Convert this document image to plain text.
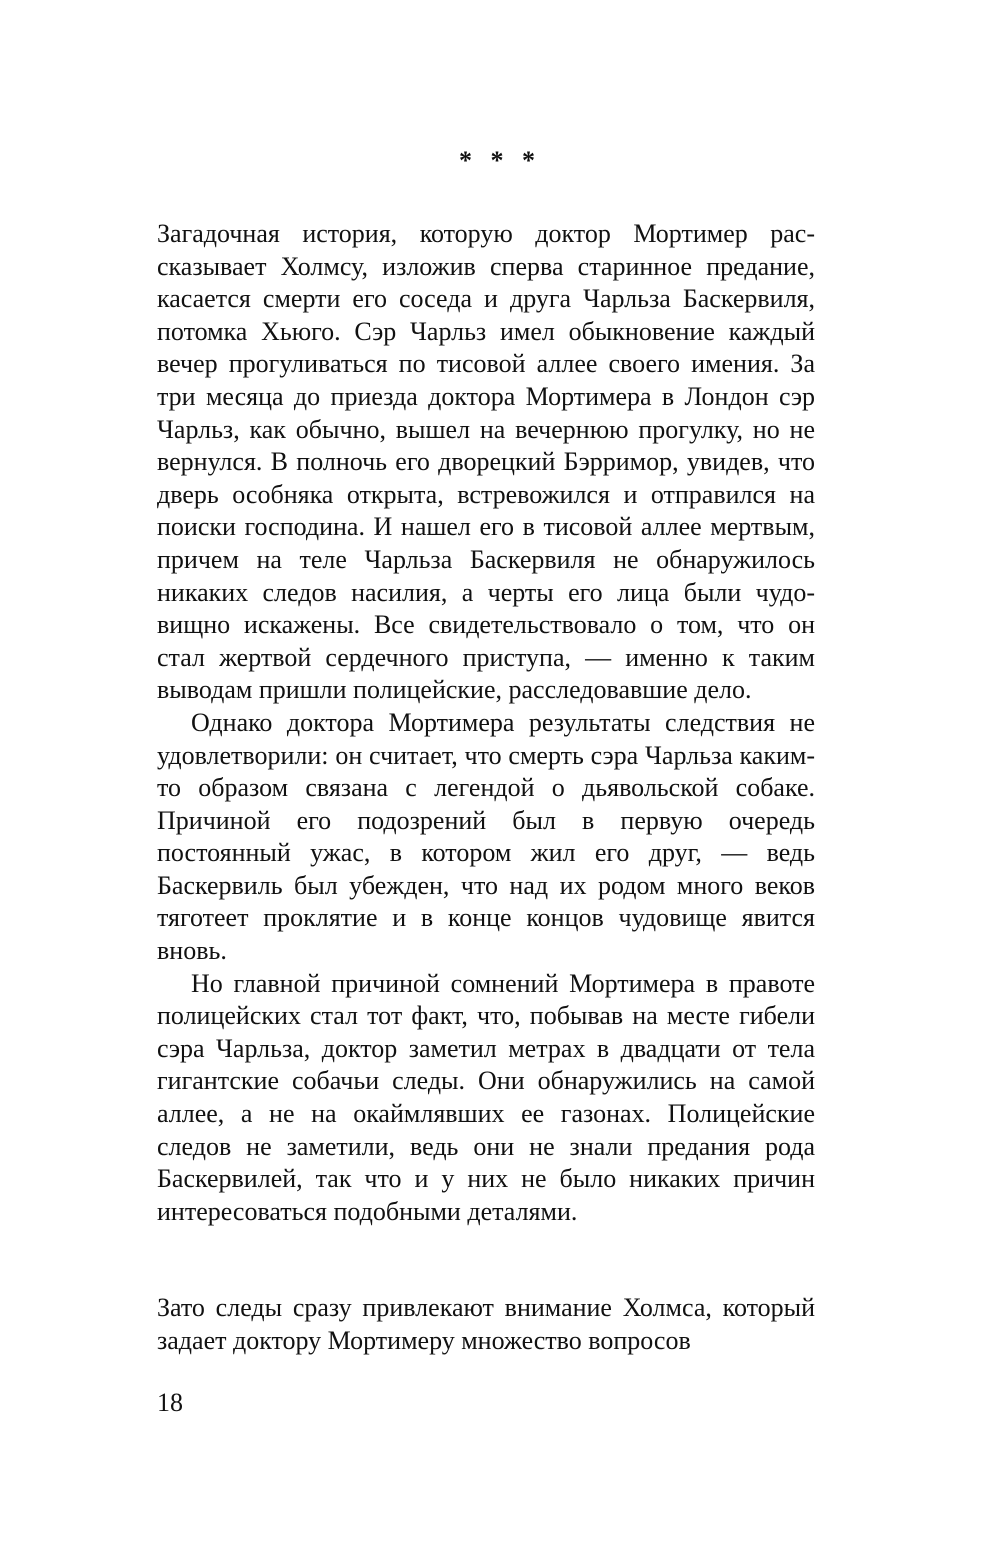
* * *

Загадочная история, которую доктор Мортимер рассказывает Холмсу, изложив сперва старинное предание, касается смерти его соседа и друга Чарльза Баскервиля, потомка Хьюго. Сэр Чарльз имел обыкновение каждый вечер прогуливаться по тисовой аллее своего имения. За три месяца до приезда доктора Мортимера в Лондон сэр Чарльз, как обычно, вышел на вечернюю прогулку, но не вернулся. В полночь его дворецкий Бэрримор, увидев, что дверь особняка открыта, встревожился и отправился на поиски господина. И нашел его в тисовой аллее мертвым, причем на теле Чарльза Баскервиля не обнаружилось никаких следов насилия, а черты его лица были чудовищно искажены. Все свидетельствовало о том, что он стал жертвой сердечного приступа, — именно к таким выводам пришли полицейские, расследовавшие дело.

Однако доктора Мортимера результаты следствия не удовлетворили: он считает, что смерть сэра Чарльза каким-то образом связана с легендой о дьявольской собаке. Причиной его подозрений был в первую очередь постоянный ужас, в котором жил его друг, — ведь Баскервиль был убежден, что над их родом много веков тяготеет проклятие и в конце концов чудовище явится вновь.

Но главной причиной сомнений Мортимера в правоте полицейских стал тот факт, что, побывав на месте гибели сэра Чарльза, доктор заметил метрах в двадцати от тела гигантские собачьи следы. Они обнаружились на самой аллее, а не на окаймлявших ее газонах. Полицейские следов не заметили, ведь они не знали предания рода Баскервилей, так что и у них не было никаких причин интересоваться подобными деталями.

Зато следы сразу привлекают внимание Холмса, который задает доктору Мортимеру множество вопросов

18
